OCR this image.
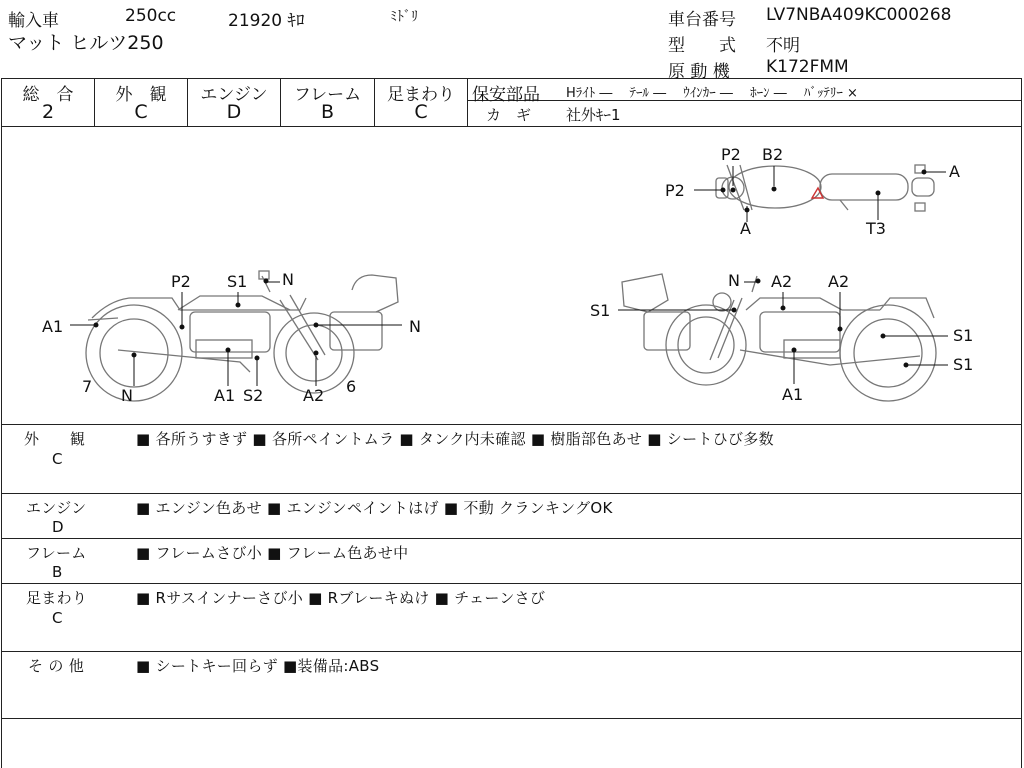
輸入車	250cc	21920 ｷﾛ	ﾐﾄﾞﾘ
マット ヒルツ250
車台番号 LV7NBA409KC000268
型　　式 不明
原 動 機 K172FMM
総　合
2
外　観
C
エンジン
D
フレーム
B
足まわり
C
保安部品 Hﾗｲﾄ ―　 ﾃｰﾙ ―　 ｳｲﾝｶｰ ―　 ﾎｰﾝ ―　 ﾊﾞｯﾃﾘｰ ×
カ　ギ 社外ｷｰ1
P2 B2
P2
A
A
T3
P2 S1 N
A1	N
7 N	A1 S2 A2 6
N A2 A2
S1
S1
S1
A1
外　　観
C
■ 各所うすきず ■ 各所ペイントムラ ■ タンク内未確認 ■ 樹脂部色あせ ■ シートひび多数
エンジン
D
■ エンジン色あせ ■ エンジンペイントはげ ■ 不動 クランキングOK
フレーム
B
■ フレームさび小 ■ フレーム色あせ中
足まわり
C
■ Rサスインナーさび小 ■ Rブレーキぬけ ■ チェーンさび
そ の 他	■ シートキー回らず ■装備品:ABS
